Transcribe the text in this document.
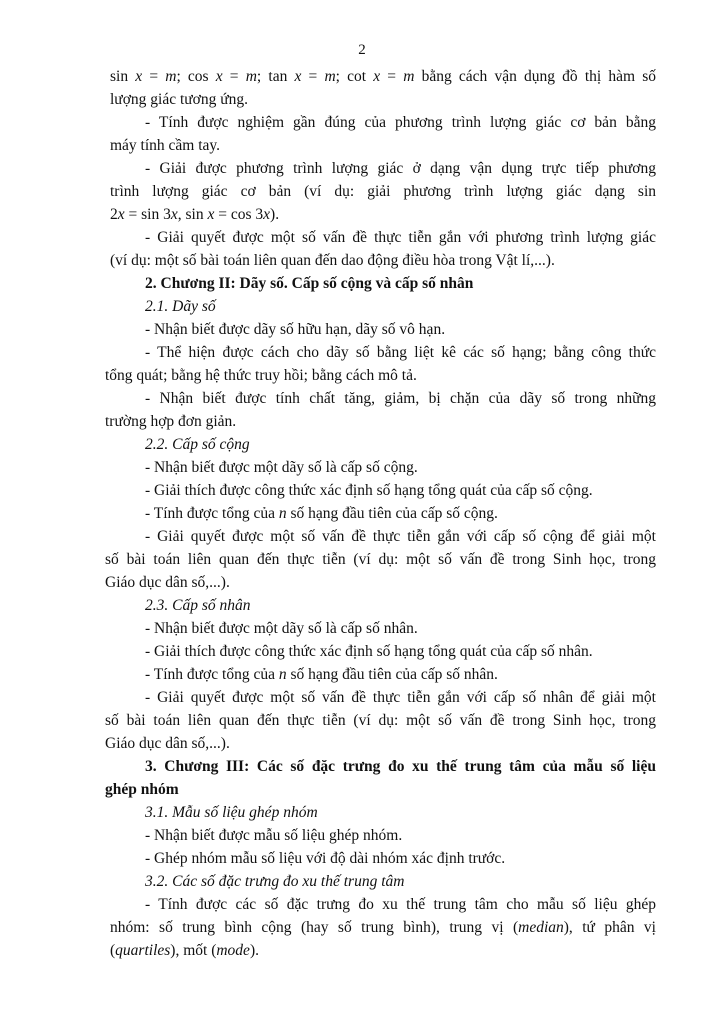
2
sin x = m; cos x = m; tan x = m; cot x = m bằng cách vận dụng đồ thị hàm số
lượng giác tương ứng.
- Tính được nghiệm gần đúng của phương trình lượng giác cơ bản bằng
máy tính cầm tay.
- Giải được phương trình lượng giác ở dạng vận dụng trực tiếp phương
trình lượng giác cơ bản (ví dụ: giải phương trình lượng giác dạng sin
2x = sin 3x, sin x = cos 3x).
- Giải quyết được một số vấn đề thực tiễn gắn với phương trình lượng giác
(ví dụ: một số bài toán liên quan đến dao động điều hòa trong Vật lí,...).
2. Chương II: Dãy số. Cấp số cộng và cấp số nhân
2.1. Dãy số
- Nhận biết được dãy số hữu hạn, dãy số vô hạn.
- Thể hiện được cách cho dãy số bằng liệt kê các số hạng; bằng công thức
tổng quát; bằng hệ thức truy hồi; bằng cách mô tả.
- Nhận biết được tính chất tăng, giảm, bị chặn của dãy số trong những
trường hợp đơn giản.
2.2. Cấp số cộng
- Nhận biết được một dãy số là cấp số cộng.
- Giải thích được công thức xác định số hạng tổng quát của cấp số cộng.
- Tính được tổng của n số hạng đầu tiên của cấp số cộng.
- Giải quyết được một số vấn đề thực tiễn gắn với cấp số cộng để giải một
số bài toán liên quan đến thực tiễn (ví dụ: một số vấn đề trong Sinh học, trong
Giáo dục dân số,...).
2.3. Cấp số nhân
- Nhận biết được một dãy số là cấp số nhân.
- Giải thích được công thức xác định số hạng tổng quát của cấp số nhân.
- Tính được tổng của n số hạng đầu tiên của cấp số nhân.
- Giải quyết được một số vấn đề thực tiễn gắn với cấp số nhân để giải một
số bài toán liên quan đến thực tiễn (ví dụ: một số vấn đề trong Sinh học, trong
Giáo dục dân số,...).
3. Chương III: Các số đặc trưng đo xu thế trung tâm của mẫu số liệu
ghép nhóm
3.1. Mẫu số liệu ghép nhóm
- Nhận biết được mẫu số liệu ghép nhóm.
- Ghép nhóm mẫu số liệu với độ dài nhóm xác định trước.
3.2. Các số đặc trưng đo xu thế trung tâm
- Tính được các số đặc trưng đo xu thế trung tâm cho mẫu số liệu ghép
nhóm: số trung bình cộng (hay số trung bình), trung vị (median), tứ phân vị
(quartiles), mốt (mode).
